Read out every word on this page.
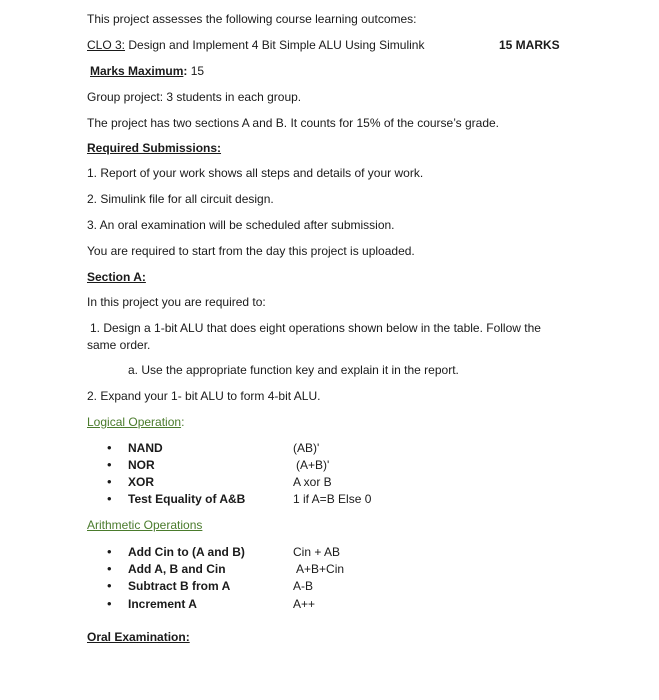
This project assesses the following course learning outcomes:
CLO 3: Design and Implement 4 Bit Simple ALU Using Simulink	15 MARKS
Marks Maximum: 15
Group project: 3 students in each group.
The project has two sections A and B. It counts for 15% of the course’s grade.
Required Submissions:
1. Report of your work shows all steps and details of your work.
2. Simulink file for all circuit design.
3. An oral examination will be scheduled after submission.
You are required to start from the day this project is uploaded.
Section A:
In this project you are required to:
1. Design a 1-bit ALU that does eight operations shown below in the table. Follow the same order.
a. Use the appropriate function key and explain it in the report.
2. Expand your 1- bit ALU to form 4-bit ALU.
Logical Operation:
• NAND	(AB)'
• NOR	(A+B)'
• XOR	A xor B
• Test Equality of A&B	1 if A=B Else 0
Arithmetic Operations
• Add Cin to (A and B)	Cin + AB
• Add A, B and Cin	A+B+Cin
• Subtract B from A	A-B
• Increment A	A++
Oral Examination:
